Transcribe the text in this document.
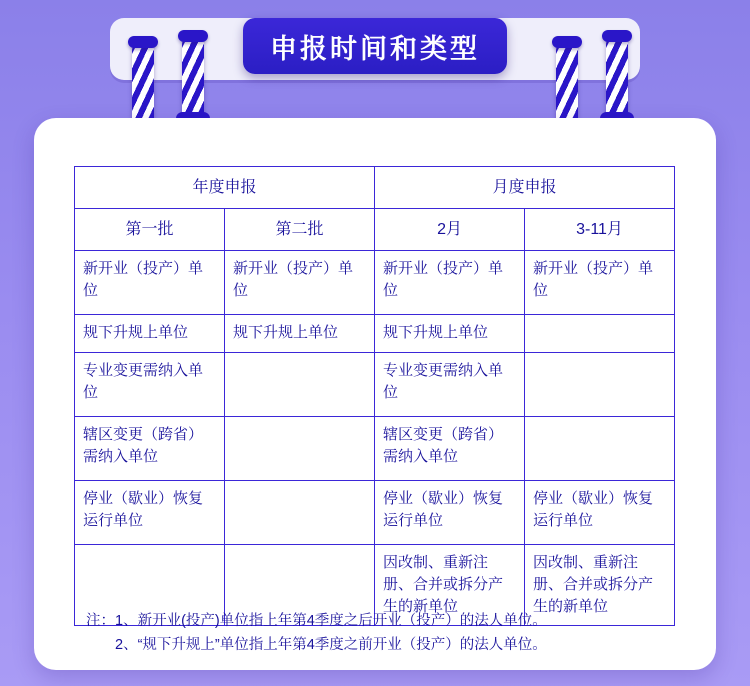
申报时间和类型
年度申报		月度申报	
第一批	第二批	2月	3-11月
新开业（投产）单位	新开业（投产）单位	新开业（投产）单位	新开业（投产）单位
规下升规上单位	规下升规上单位	规下升规上单位	
专业变更需纳入单位		专业变更需纳入单位	
辖区变更（跨省）需纳入单位		辖区变更（跨省）需纳入单位	
停业（歇业）恢复运行单位		停业（歇业）恢复运行单位	停业（歇业）恢复运行单位
		因改制、重新注册、合并或拆分产生的新单位	因改制、重新注册、合并或拆分产生的新单位
注： 1、 新开业(投产)单位指上年第4季度之后开业（投产）的法人单位。
2、 “规下升规上”单位指上年第4季度之前开业（投产）的法人单位。
